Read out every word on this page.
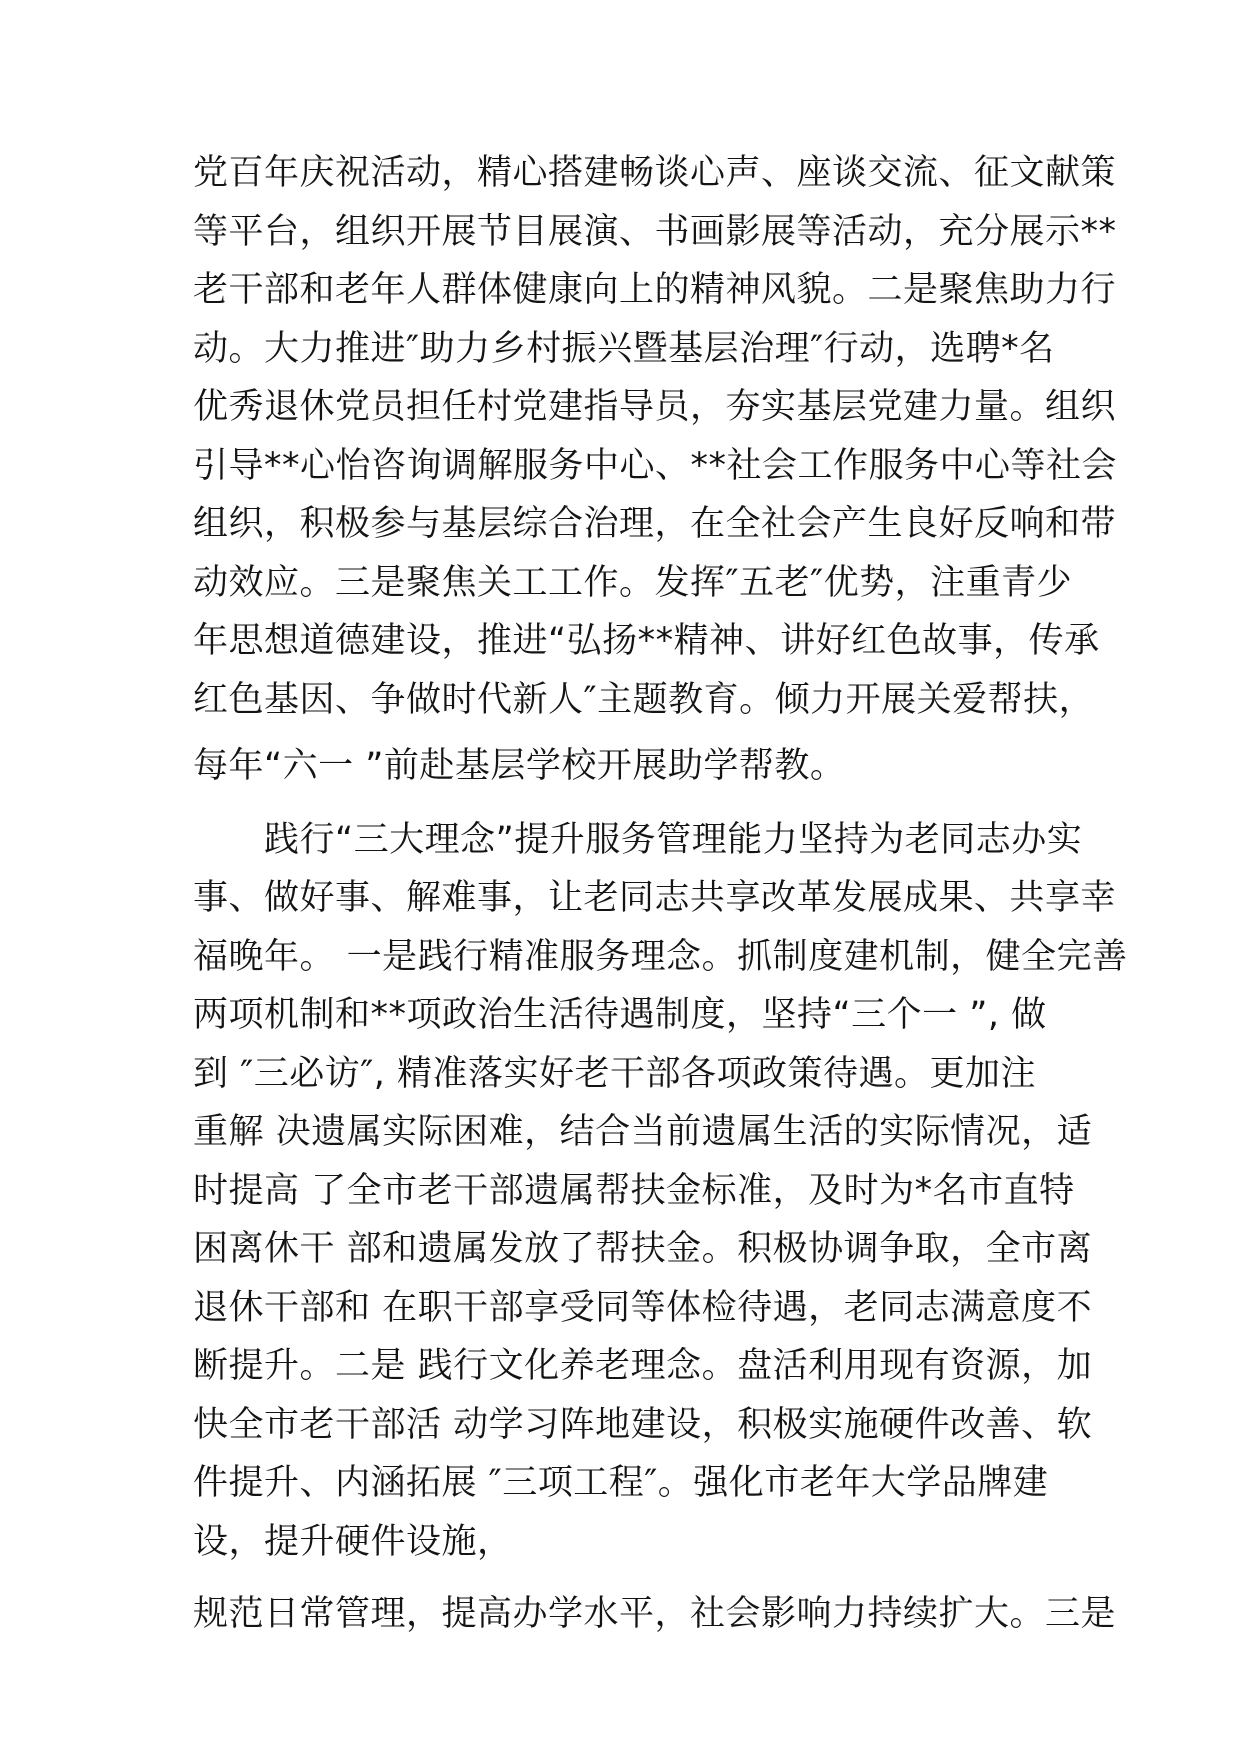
党百年庆祝活动，精心搭建畅谈心声、座谈交流、征文献策

等平台，组织开展节目展演、书画影展等活动，充分展示**

老干部和老年人群体健康向上的精神风貌。二是聚焦助力行

动。大力推进″助力乡村振兴暨基层治理″行动，选聘*名

优秀退休党员担任村党建指导员，夯实基层党建力量。组织

引导**心怡咨询调解服务中心、**社会工作服务中心等社会

组织，积极参与基层综合治理，在全社会产生良好反响和带

动效应。三是聚焦关工工作。发挥″五老″优势，注重青少

年思想道德建设，推进“弘扬**精神、讲好红色故事，传承

红色基因、争做时代新人″主题教育。倾力开展关爱帮扶，

每年“六一 ”前赴基层学校开展助学帮教。

　　践行“三大理念”提升服务管理能力坚持为老同志办实

事、做好事、解难事，让老同志共享改革发展成果、共享幸

福晚年。 一是践行精准服务理念。抓制度建机制，健全完善

两项机制和**项政治生活待遇制度，坚持“三个一 ”, 做

到 ″三必访″, 精准落实好老干部各项政策待遇。更加注

重解 决遗属实际困难，结合当前遗属生活的实际情况，适

时提高 了全市老干部遗属帮扶金标准，及时为*名市直特

困离休干 部和遗属发放了帮扶金。积极协调争取，全市离

退休干部和 在职干部享受同等体检待遇，老同志满意度不

断提升。二是 践行文化养老理念。盘活利用现有资源，加

快全市老干部活 动学习阵地建设，积极实施硬件改善、软

件提升、内涵拓展 ″三项工程″。强化市老年大学品牌建

设，提升硬件设施，

规范日常管理，提高办学水平，社会影响力持续扩大。三是
